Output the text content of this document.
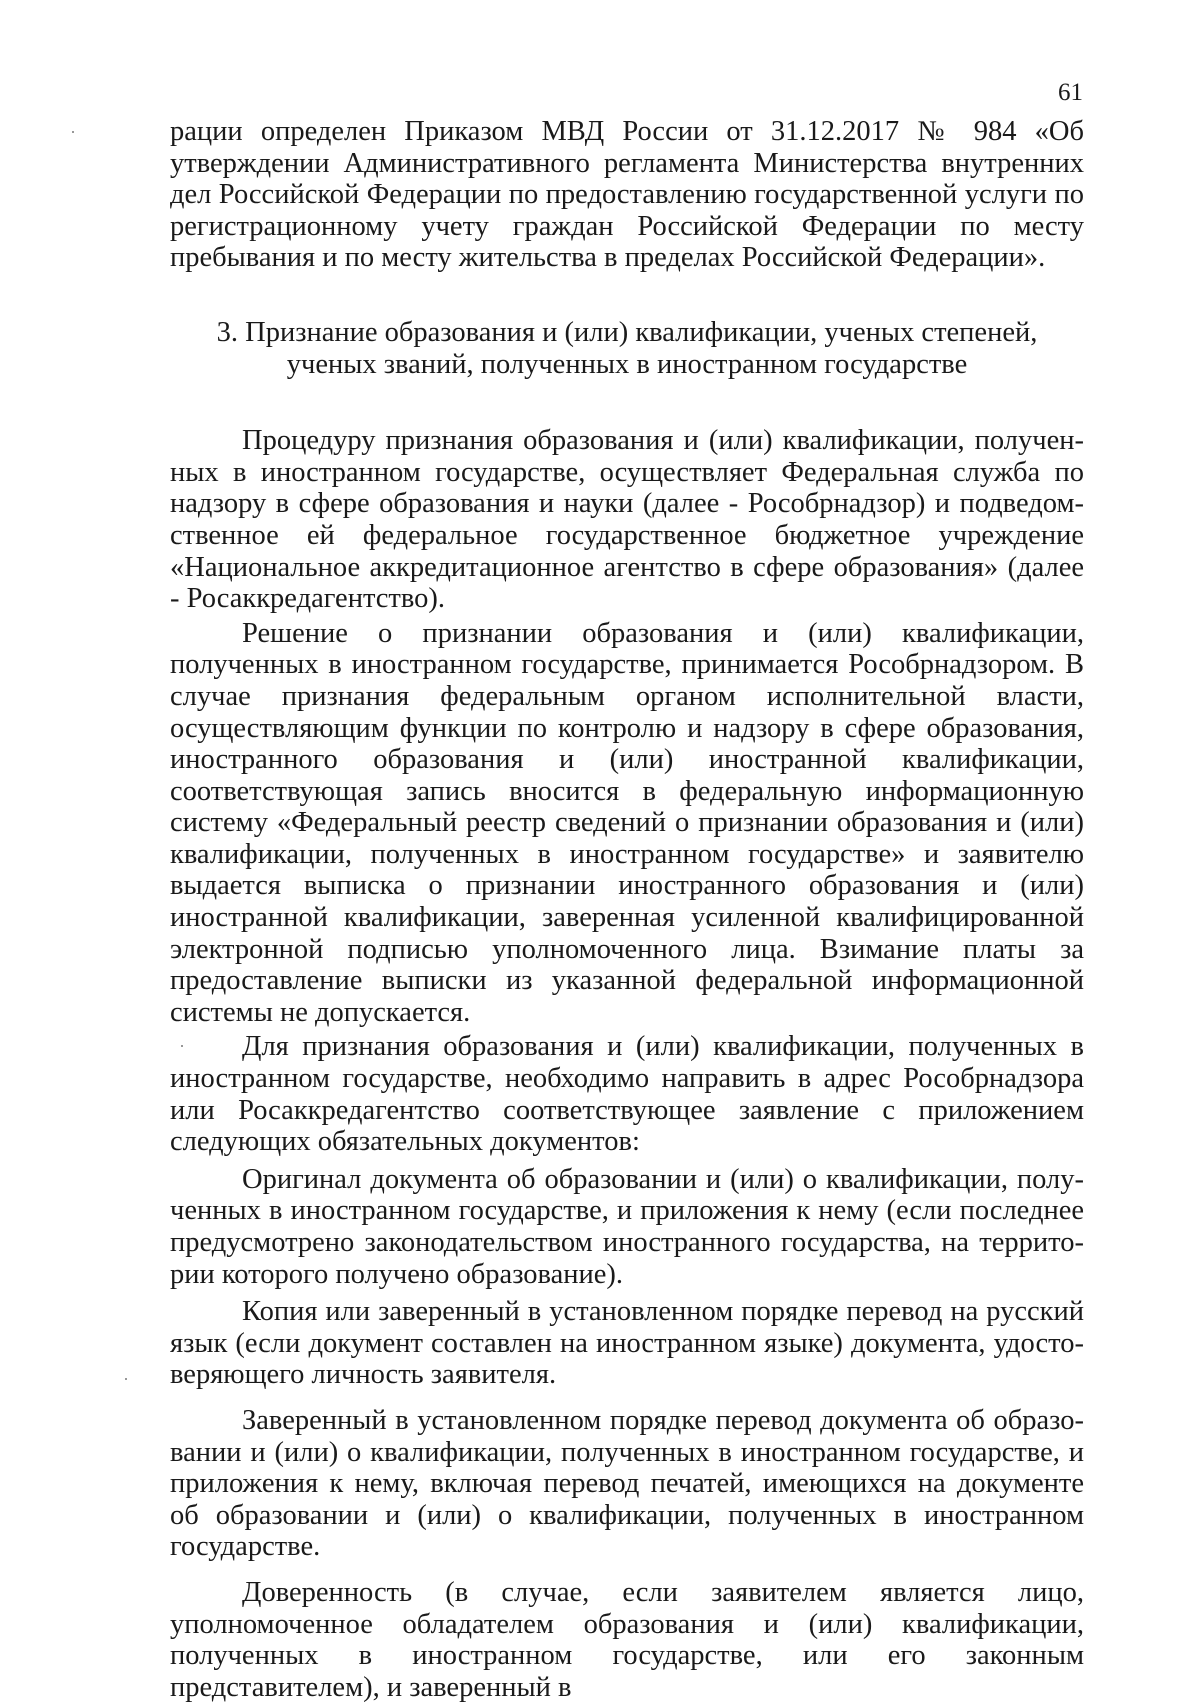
61

рации определен Приказом МВД России от 31.12.2017 № 984 «Об утверждении Административного регламента Министерства внутренних дел Российской Федерации по предоставлению государственной услуги по регистрационному учету граждан Российской Федерации по месту пребывания и по месту жительства в пределах Российской Федерации».

3. Признание образования и (или) квалификации, ученых степеней,
ученых званий, полученных в иностранном государстве

Процедуру признания образования и (или) квалификации, полученных в иностранном государстве, осуществляет Федеральная служба по надзору в сфере образования и науки (далее - Рособрнадзор) и подведомственное ей федеральное государственное бюджетное учреждение «Национальное аккредитационное агентство в сфере образования» (далее - Росаккредагентство).

Решение о признании образования и (или) квалификации, полученных в иностранном государстве, принимается Рособрнадзором. В случае признания федеральным органом исполнительной власти, осуществляющим функции по контролю и надзору в сфере образования, иностранного образования и (или) иностранной квалификации, соответствующая запись вносится в федеральную информационную систему «Федеральный реестр сведений о признании образования и (или) квалификации, полученных в иностранном государстве» и заявителю выдается выписка о признании иностранного образования и (или) иностранной квалификации, заверенная усиленной квалифицированной электронной подписью уполномоченного лица. Взимание платы за предоставление выписки из указанной федеральной информационной системы не допускается.

Для признания образования и (или) квалификации, полученных в иностранном государстве, необходимо направить в адрес Рособрнадзора или Росаккредагентство соответствующее заявление с приложением следующих обязательных документов:

Оригинал документа об образовании и (или) о квалификации, полученных в иностранном государстве, и приложения к нему (если последнее предусмотрено законодательством иностранного государства, на территории которого получено образование).

Копия или заверенный в установленном порядке перевод на русский язык (если документ составлен на иностранном языке) документа, удостоверяющего личность заявителя.

Заверенный в установленном порядке перевод документа об образовании и (или) о квалификации, полученных в иностранном государстве, и приложения к нему, включая перевод печатей, имеющихся на документе об образовании и (или) о квалификации, полученных в иностранном государстве.

Доверенность (в случае, если заявителем является лицо, уполномоченное обладателем образования и (или) квалификации, полученных в иностранном государстве, или его законным представителем), и заверенный в
